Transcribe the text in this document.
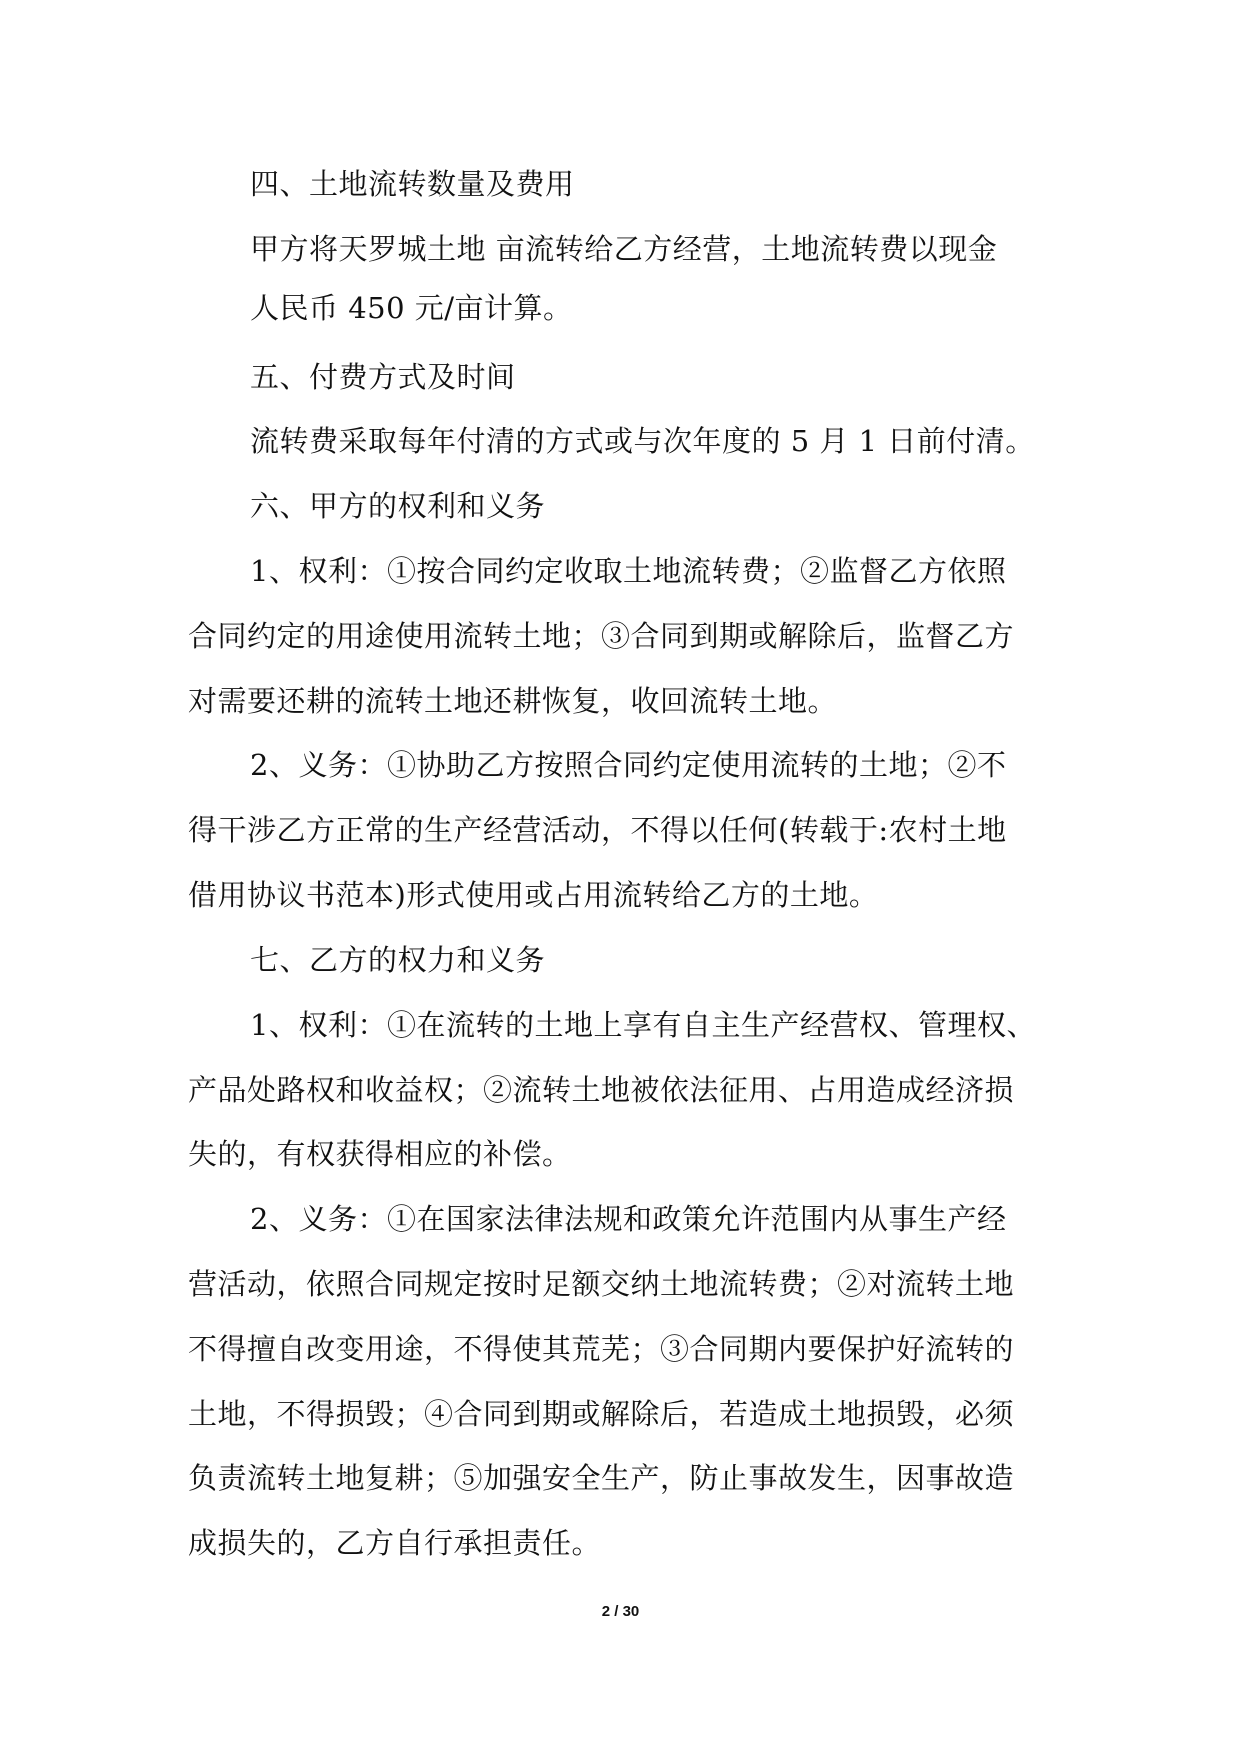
四、土地流转数量及费用
甲方将天罗城土地 亩流转给乙方经营，土地流转费以现金
人民币 450 元/亩计算。
五、付费方式及时间
流转费采取每年付清的方式或与次年度的 5 月 1 日前付清。
六、甲方的权利和义务
1、权利：①按合同约定收取土地流转费；②监督乙方依照
合同约定的用途使用流转土地；③合同到期或解除后，监督乙方
对需要还耕的流转土地还耕恢复，收回流转土地。
2、义务：①协助乙方按照合同约定使用流转的土地；②不
得干涉乙方正常的生产经营活动，不得以任何(转载于:农村土地
借用协议书范本)形式使用或占用流转给乙方的土地。
七、乙方的权力和义务
1、权利：①在流转的土地上享有自主生产经营权、管理权、
产品处路权和收益权；②流转土地被依法征用、占用造成经济损
失的，有权获得相应的补偿。
2、义务：①在国家法律法规和政策允许范围内从事生产经
营活动，依照合同规定按时足额交纳土地流转费；②对流转土地
不得擅自改变用途，不得使其荒芜；③合同期内要保护好流转的
土地，不得损毁；④合同到期或解除后，若造成土地损毁，必须
负责流转土地复耕；⑤加强安全生产，防止事故发生，因事故造
成损失的，乙方自行承担责任。
2 / 30
